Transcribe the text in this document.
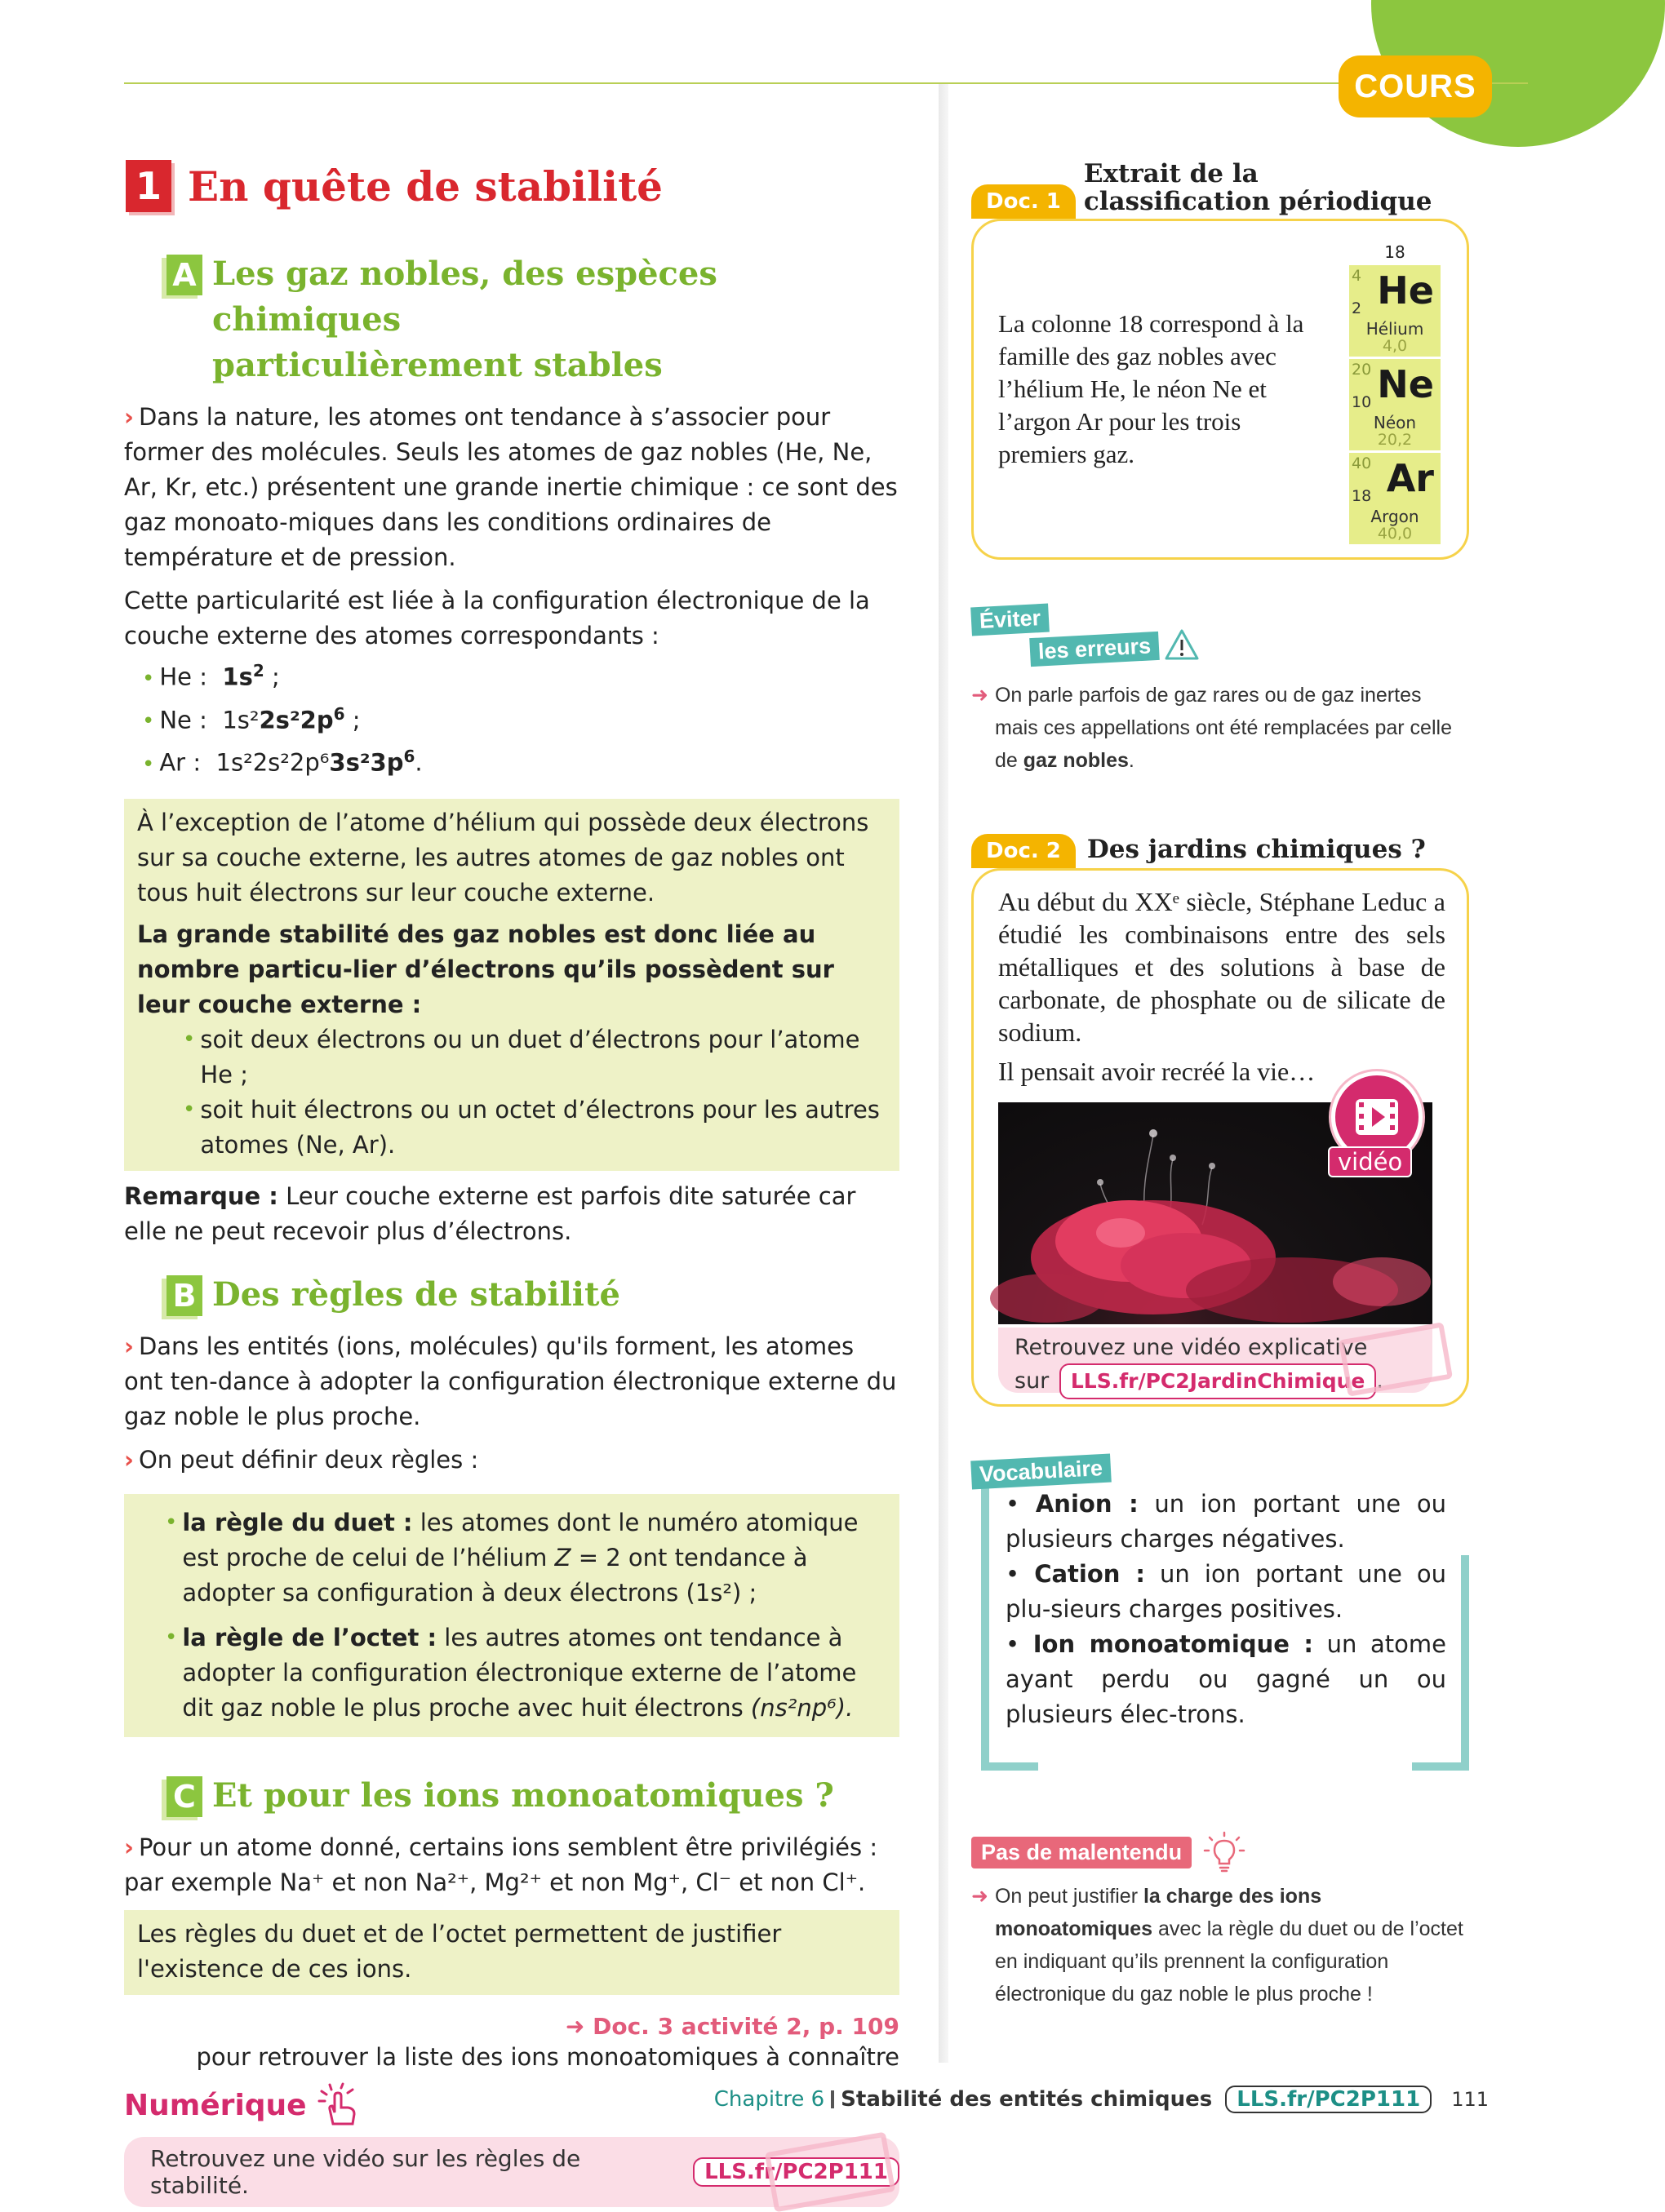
COURS
1 En quête de stabilité
A Les gaz nobles, des espèces chimiques
particulièrement stables

› Dans la nature, les atomes ont tendance à s’associer pour former des molécules. Seuls les atomes de gaz nobles (He, Ne, Ar, Kr, etc.) présentent une grande inertie chimique : ce sont des gaz monoato-miques dans les conditions ordinaires de température et de pression.

Cette particularité est liée à la configuration électronique de la couche externe des atomes correspondants :

• He : $1s^2$ ;
• Ne : $1s^22s^22p^6$ ;
• Ar : $1s^22s^22p^63s^23p^6$.

À l’exception de l’atome d’hélium qui possède deux électrons sur sa couche externe, les autres atomes de gaz nobles ont tous huit électrons sur leur couche externe.

La grande stabilité des gaz nobles est donc liée au nombre particu-lier d’électrons qu’ils possèdent sur leur couche externe :

• soit deux électrons ou un duet d’électrons pour l’atome He ;
• soit huit électrons ou un octet d’électrons pour les autres atomes (Ne, Ar).

Remarque : Leur couche externe est parfois dite saturée car elle ne peut recevoir plus d’électrons.

B Des règles de stabilité

› Dans les entités (ions, molécules) qu'ils forment, les atomes ont ten-dance à adopter la configuration électronique externe du gaz noble le plus proche.

› On peut définir deux règles :

• la règle du duet : les atomes dont le numéro atomique est proche de celui de l’hélium Z = 2 ont tendance à adopter sa configuration à deux électrons (1s²) ;
• la règle de l’octet : les autres atomes ont tendance à adopter la configuration électronique externe de l’atome dit gaz noble le plus proche avec huit électrons (ns²np⁶).
C Et pour les ions monoatomiques ?

› Pour un atome donné, certains ions semblent être privilégiés : par exemple Na⁺ et non Na²⁺, Mg²⁺ et non Mg⁺, Cl⁻ et non Cl⁺.

Les règles du duet et de l’octet permettent de justifier l'existence de ces ions.

➜ Doc. 3 activité 2, p. 109

pour retrouver la liste des ions monoatomiques à connaître

Numérique
Retrouvez une vidéo sur les règles de stabilité.	LLS.fr/PC2P111
Doc. 1
Extrait de la
classification périodique

La colonne 18 correspond à la famille des gaz nobles avec l’hélium He, le néon Ne et l’argon Ar pour les trois premiers gaz.

18
4
2 He
Hélium
4,0
20
10 Ne
Néon
20,2
40
18 Ar
Argon
40,0
Éviter
les erreurs
➜ On parle parfois de gaz rares ou de gaz inertes mais ces appellations ont été remplacées par celle de gaz nobles.
Doc. 2	Des jardins chimiques ?

Au début du XXᵉ siècle, Stéphane Leduc a étudié les combinaisons entre des sels métalliques et des solutions à base de carbonate, de phosphate ou de silicate de sodium.

Il pensait avoir recréé la vie…

vidéo
Retrouvez une vidéo explicative
sur LLS.fr/PC2JardinChimique .
Vocabulaire
• Anion : un ion portant une ou plusieurs charges négatives.
• Cation : un ion portant une ou plu-sieurs charges positives.
• Ion monoatomique : un atome ayant perdu ou gagné un ou plusieurs élec-trons.
Pas de malentendu
➜ On peut justifier la charge des ions monoatomiques avec la règle du duet ou de l’octet en indiquant qu’ils prennent la configuration électronique du gaz noble le plus proche !
Chapitre 6 Stabilité des entités chimiques	LLS.fr/PC2P111	111
